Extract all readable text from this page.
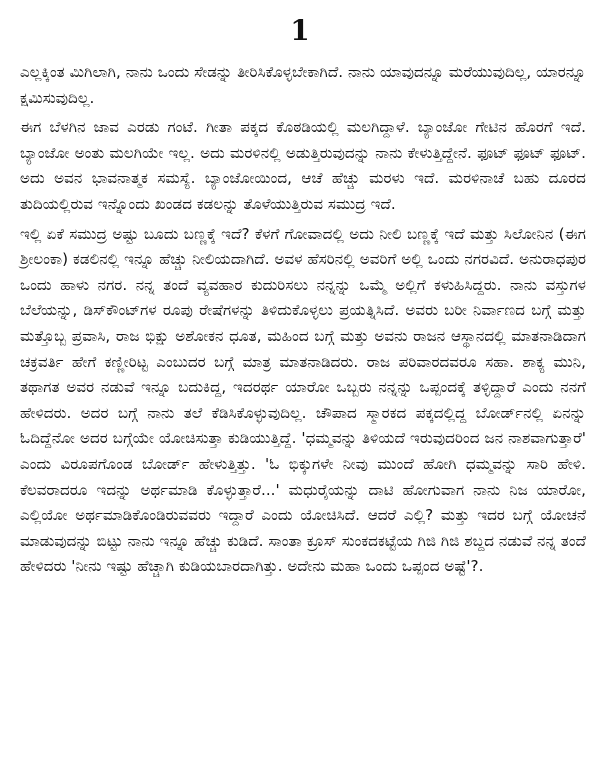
1

ಎಲ್ಲಕ್ಕಿಂತ ಮಿಗಿಲಾಗಿ, ನಾನು ಒಂದು ಸೇಡನ್ನು ತೀರಿಸಿಕೊಳ್ಳಬೇಕಾಗಿದೆ. ನಾನು ಯಾವುದನ್ನೂ ಮರೆಯುವುದಿಲ್ಲ, ಯಾರನ್ನೂ ಕ್ಷಮಿಸುವುದಿಲ್ಲ.

ಈಗ ಬೆಳಗಿನ ಜಾವ ಎರಡು ಗಂಟೆ. ಗೀತಾ ಪಕ್ಕದ ಕೊಠಡಿಯಲ್ಲಿ ಮಲಗಿದ್ದಾಳೆ. ಬ್ಯಾಂಜೋ ಗೇಟಿನ ಹೊರಗೆ ಇದೆ. ಬ್ಯಾಂಜೋ ಅಂತು ಮಲಗಿಯೇ ಇಲ್ಲ. ಅದು ಮರಳಿನಲ್ಲಿ ಅಡುತ್ತಿರುವುದನ್ನು ನಾನು ಕೇಳುತ್ತಿದ್ದೇನೆ. ಫೂಟ್ ಫೂಟ್ ಫೂಟ್. ಅದು ಅವನ ಭಾವನಾತ್ಮಕ ಸಮಸ್ಯೆ. ಬ್ಯಾಂಜೋಯಿಂದ, ಆಚೆ ಹೆಚ್ಚು ಮರಳು ಇದೆ. ಮರಳಿನಾಚೆ ಬಹು ದೂರದ ತುದಿಯಲ್ಲಿರುವ ಇನ್ನೊಂದು ಖಂಡದ ಕಡಲನ್ನು ತೊಳೆಯುತ್ತಿರುವ ಸಮುದ್ರ ಇದೆ.

ಇಲ್ಲಿ ಏಕೆ ಸಮುದ್ರ ಅಷ್ಟು ಬೂದು ಬಣ್ಣಕ್ಕೆ ಇದೆ? ಕೆಳಗೆ ಗೋವಾದಲ್ಲಿ ಅದು ನೀಲಿ ಬಣ್ಣಕ್ಕೆ ಇದೆ ಮತ್ತು ಸಿಲೋನಿನ (ಈಗ ಶ್ರೀಲಂಕಾ) ಕಡಲಿನಲ್ಲಿ ಇನ್ನೂ ಹೆಚ್ಚು ನೀಲಿಯದಾಗಿದೆ. ಅವಳ ಹೆಸರಿನಲ್ಲಿ ಅವರಿಗೆ ಅಲ್ಲಿ ಒಂದು ನಗರವಿದೆ. ಅನುರಾಧಪುರ ಒಂದು ಹಾಳು ನಗರ. ನನ್ನ ತಂದೆ ವ್ಯವಹಾರ ಕುದುರಿಸಲು ನನ್ನನ್ನು ಒಮ್ಮೆ ಅಲ್ಲಿಗೆ ಕಳುಹಿಸಿದ್ದರು. ನಾನು ವಸ್ತುಗಳ ಬೆಲೆಯನ್ನು, ಡಿಸ್‌ಕೌಂಟ್‌ಗಳ ರೂಪು ರೇಷೆಗಳನ್ನು ತಿಳಿದುಕೊಳ್ಳಲು ಪ್ರಯತ್ನಿಸಿದೆ. ಅವರು ಬರೀ ನಿರ್ವಾಣದ ಬಗ್ಗೆ ಮತ್ತು ಮತ್ತೊಬ್ಬ ಪ್ರವಾಸಿ, ರಾಜ ಭಿಕ್ಷು ಅಶೋಕನ ಧೂತ, ಮಹಿಂದ ಬಗ್ಗೆ ಮತ್ತು ಅವನು ರಾಜನ ಆಸ್ಥಾನದಲ್ಲಿ ಮಾತನಾಡಿದಾಗ ಚಕ್ರವರ್ತಿ ಹೇಗೆ ಕಣ್ಣೀರಿಟ್ಟ ಎಂಬುದರ ಬಗ್ಗೆ ಮಾತ್ರ ಮಾತನಾಡಿದರು. ರಾಜ ಪರಿವಾರದವರೂ ಸಹಾ. ಶಾಕ್ಯ ಮುನಿ, ತಥಾಗತ ಅವರ ನಡುವೆ ಇನ್ನೂ ಬದುಕಿದ್ದ, ಇದರರ್ಥ ಯಾರೋ ಒಬ್ಬರು ನನ್ನನ್ನು ಒಪ್ಪಂದಕ್ಕೆ ತಳ್ಳಿದ್ದಾರೆ ಎಂದು ನನಗೆ ಹೇಳಿದರು. ಅದರ ಬಗ್ಗೆ ನಾನು ತಲೆ ಕೆಡಿಸಿಕೊಳ್ಳುವುದಿಲ್ಲ. ಚೌಪಾದ ಸ್ಮಾರಕದ ಪಕ್ಕದಲ್ಲಿದ್ದ ಬೋರ್ಡ್‌ನಲ್ಲಿ ಏನನ್ನು ಓದಿದ್ದೆನೋ ಅದರ ಬಗ್ಗೆಯೇ ಯೋಚಿಸುತ್ತಾ ಕುಡಿಯುತ್ತಿದ್ದೆ. 'ಧಮ್ಮವನ್ನು ತಿಳಿಯದೆ ಇರುವುದರಿಂದ ಜನ ನಾಶವಾಗುತ್ತಾರೆ' ಎಂದು ವಿರೂಪಗೊಂಡ ಬೋರ್ಡ್ ಹೇಳುತ್ತಿತ್ತು. 'ಓ ಭಿಕ್ಕುಗಳೇ ನೀವು ಮುಂದೆ ಹೋಗಿ ಧಮ್ಮವನ್ನು ಸಾರಿ ಹೇಳಿ. ಕೆಲವರಾದರೂ ಇದನ್ನು ಅರ್ಥಮಾಡಿ ಕೊಳ್ಳುತ್ತಾರೆ...' ಮಧುರೈಯನ್ನು ದಾಟಿ ಹೋಗುವಾಗ ನಾನು ನಿಜ ಯಾರೋ, ಎಲ್ಲಿಯೋ ಅರ್ಥಮಾಡಿಕೊಂಡಿರುವವರು ಇದ್ದಾರೆ ಎಂದು ಯೋಚಿಸಿದೆ. ಆದರೆ ಎಲ್ಲಿ? ಮತ್ತು ಇದರ ಬಗ್ಗೆ ಯೋಚನೆ ಮಾಡುವುದನ್ನು ಬಿಟ್ಟು ನಾನು ಇನ್ನೂ ಹೆಚ್ಚು ಕುಡಿದೆ. ಸಾಂತಾ ಕ್ರೂಸ್ ಸುಂಕದಕಟ್ಟೆಯ ಗಿಜಿ ಗಿಜಿ ಶಬ್ದದ ನಡುವೆ ನನ್ನ ತಂದೆ ಹೇಳಿದರು 'ನೀನು ಇಷ್ಟು ಹೆಚ್ಚಾಗಿ ಕುಡಿಯಬಾರದಾಗಿತ್ತು. ಅದೇನು ಮಹಾ ಒಂದು ಒಪ್ಪಂದ ಅಷ್ಟೆ'?.
